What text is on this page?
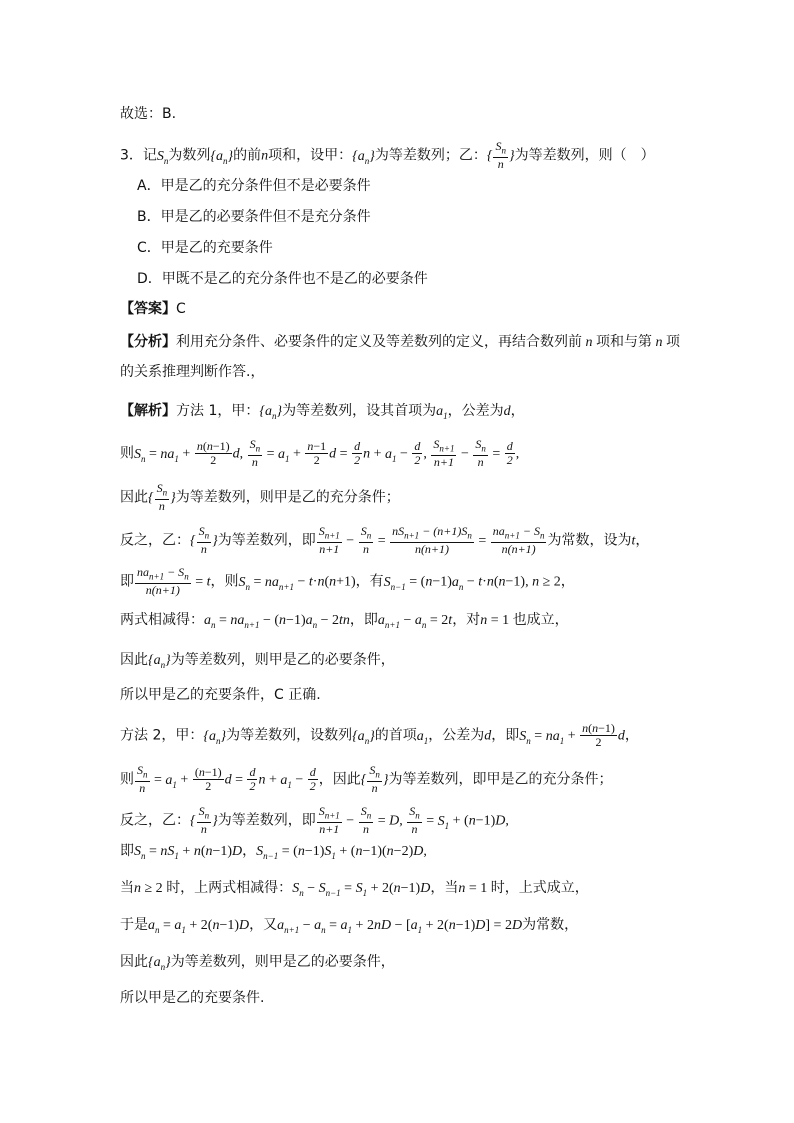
故选：B.
3．记$S_n$为数列$\{a_n\}$的前n项和，设甲：$\{a_n\}$为等差数列；乙：{ $\frac{S_n}{n}$ }为等差数列，则（　）
A．甲是乙的充分条件但不是必要条件
B．甲是乙的必要条件但不是充分条件
C．甲是乙的充要条件
D．甲既不是乙的充分条件也不是乙的必要条件
【答案】C
【分析】利用充分条件、必要条件的定义及等差数列的定义，再结合数列前 n 项和与第 n 项
的关系推理判断作答.，
【解析】方法 1，甲：$\{a_n\}$为等差数列，设其首项为$a_1$，公差为d，
则$S_n = na_1 + \frac{n(n-1)}{2} d$, $\frac{S_n}{n} = a_1 + \frac{n-1}{2}$ $d = \frac{d}{2}$ $n + a_1 - \frac{d}{2}$ , $\frac{S_{n+1}}{n+1} - \frac{S_n}{n} = \frac{d}{2}$ ,
因此{ $\frac{S_n}{n}$ }为等差数列，则甲是乙的充分条件；
反之，乙：{ $\frac{S_n}{n}$ }为等差数列，即 $\frac{S_{n+1}}{n+1} - \frac{S_n}{n} = \frac{nS_{n+1} - (n+1)S_n}{n(n+1)} = \frac{na_{n+1} - S_n}{n(n+1)}$ 为常数，设为t，
即 $\frac{na_{n+1} - S_n}{n(n+1)} = t$，则$S_n = na_{n+1} - t\cdot n(n+1)$，有$S_{n-1} = (n-1)a_n - t\cdot n(n-1)$, n ≥ 2，
两式相减得：$a_n = na_{n+1} - (n-1)a_n - 2tn$，即$a_{n+1} - a_n = 2t$，对n = 1 也成立，
因此$\{a_n\}$为等差数列，则甲是乙的必要条件，
所以甲是乙的充要条件，C 正确.
方法 2，甲：$\{a_n\}$为等差数列，设数列$\{a_n\}$的首项$a_1$，公差为d，即$S_n = na_1 + \frac{n(n-1)}{2}$ d，
则 $\frac{S_n}{n} = a_1 + \frac{(n-1)}{2}$ $d = \frac{d}{2}$ $n + a_1 - \frac{d}{2}$ ，因此{ $\frac{S_n}{n}$ }为等差数列，即甲是乙的充分条件；
反之，乙：{ $\frac{S_n}{n}$ }为等差数列，即 $\frac{S_{n+1}}{n+1} - \frac{S_n}{n} = D$, $\frac{S_n}{n} = S_1 + (n-1)D$,
即$S_n = nS_1 + n(n-1)D$，$S_{n-1} = (n-1)S_1 + (n-1)(n-2)D$,
当n ≥ 2 时，上两式相减得：$S_n - S_{n-1} = S_1 + 2(n-1)D$，当n = 1 时，上式成立，
于是$a_n = a_1 + 2(n-1)D$，又$a_{n+1} - a_n = a_1 + 2nD - [a_1 + 2(n-1)D] = 2D$为常数，
因此$\{a_n\}$为等差数列，则甲是乙的必要条件，
所以甲是乙的充要条件.
